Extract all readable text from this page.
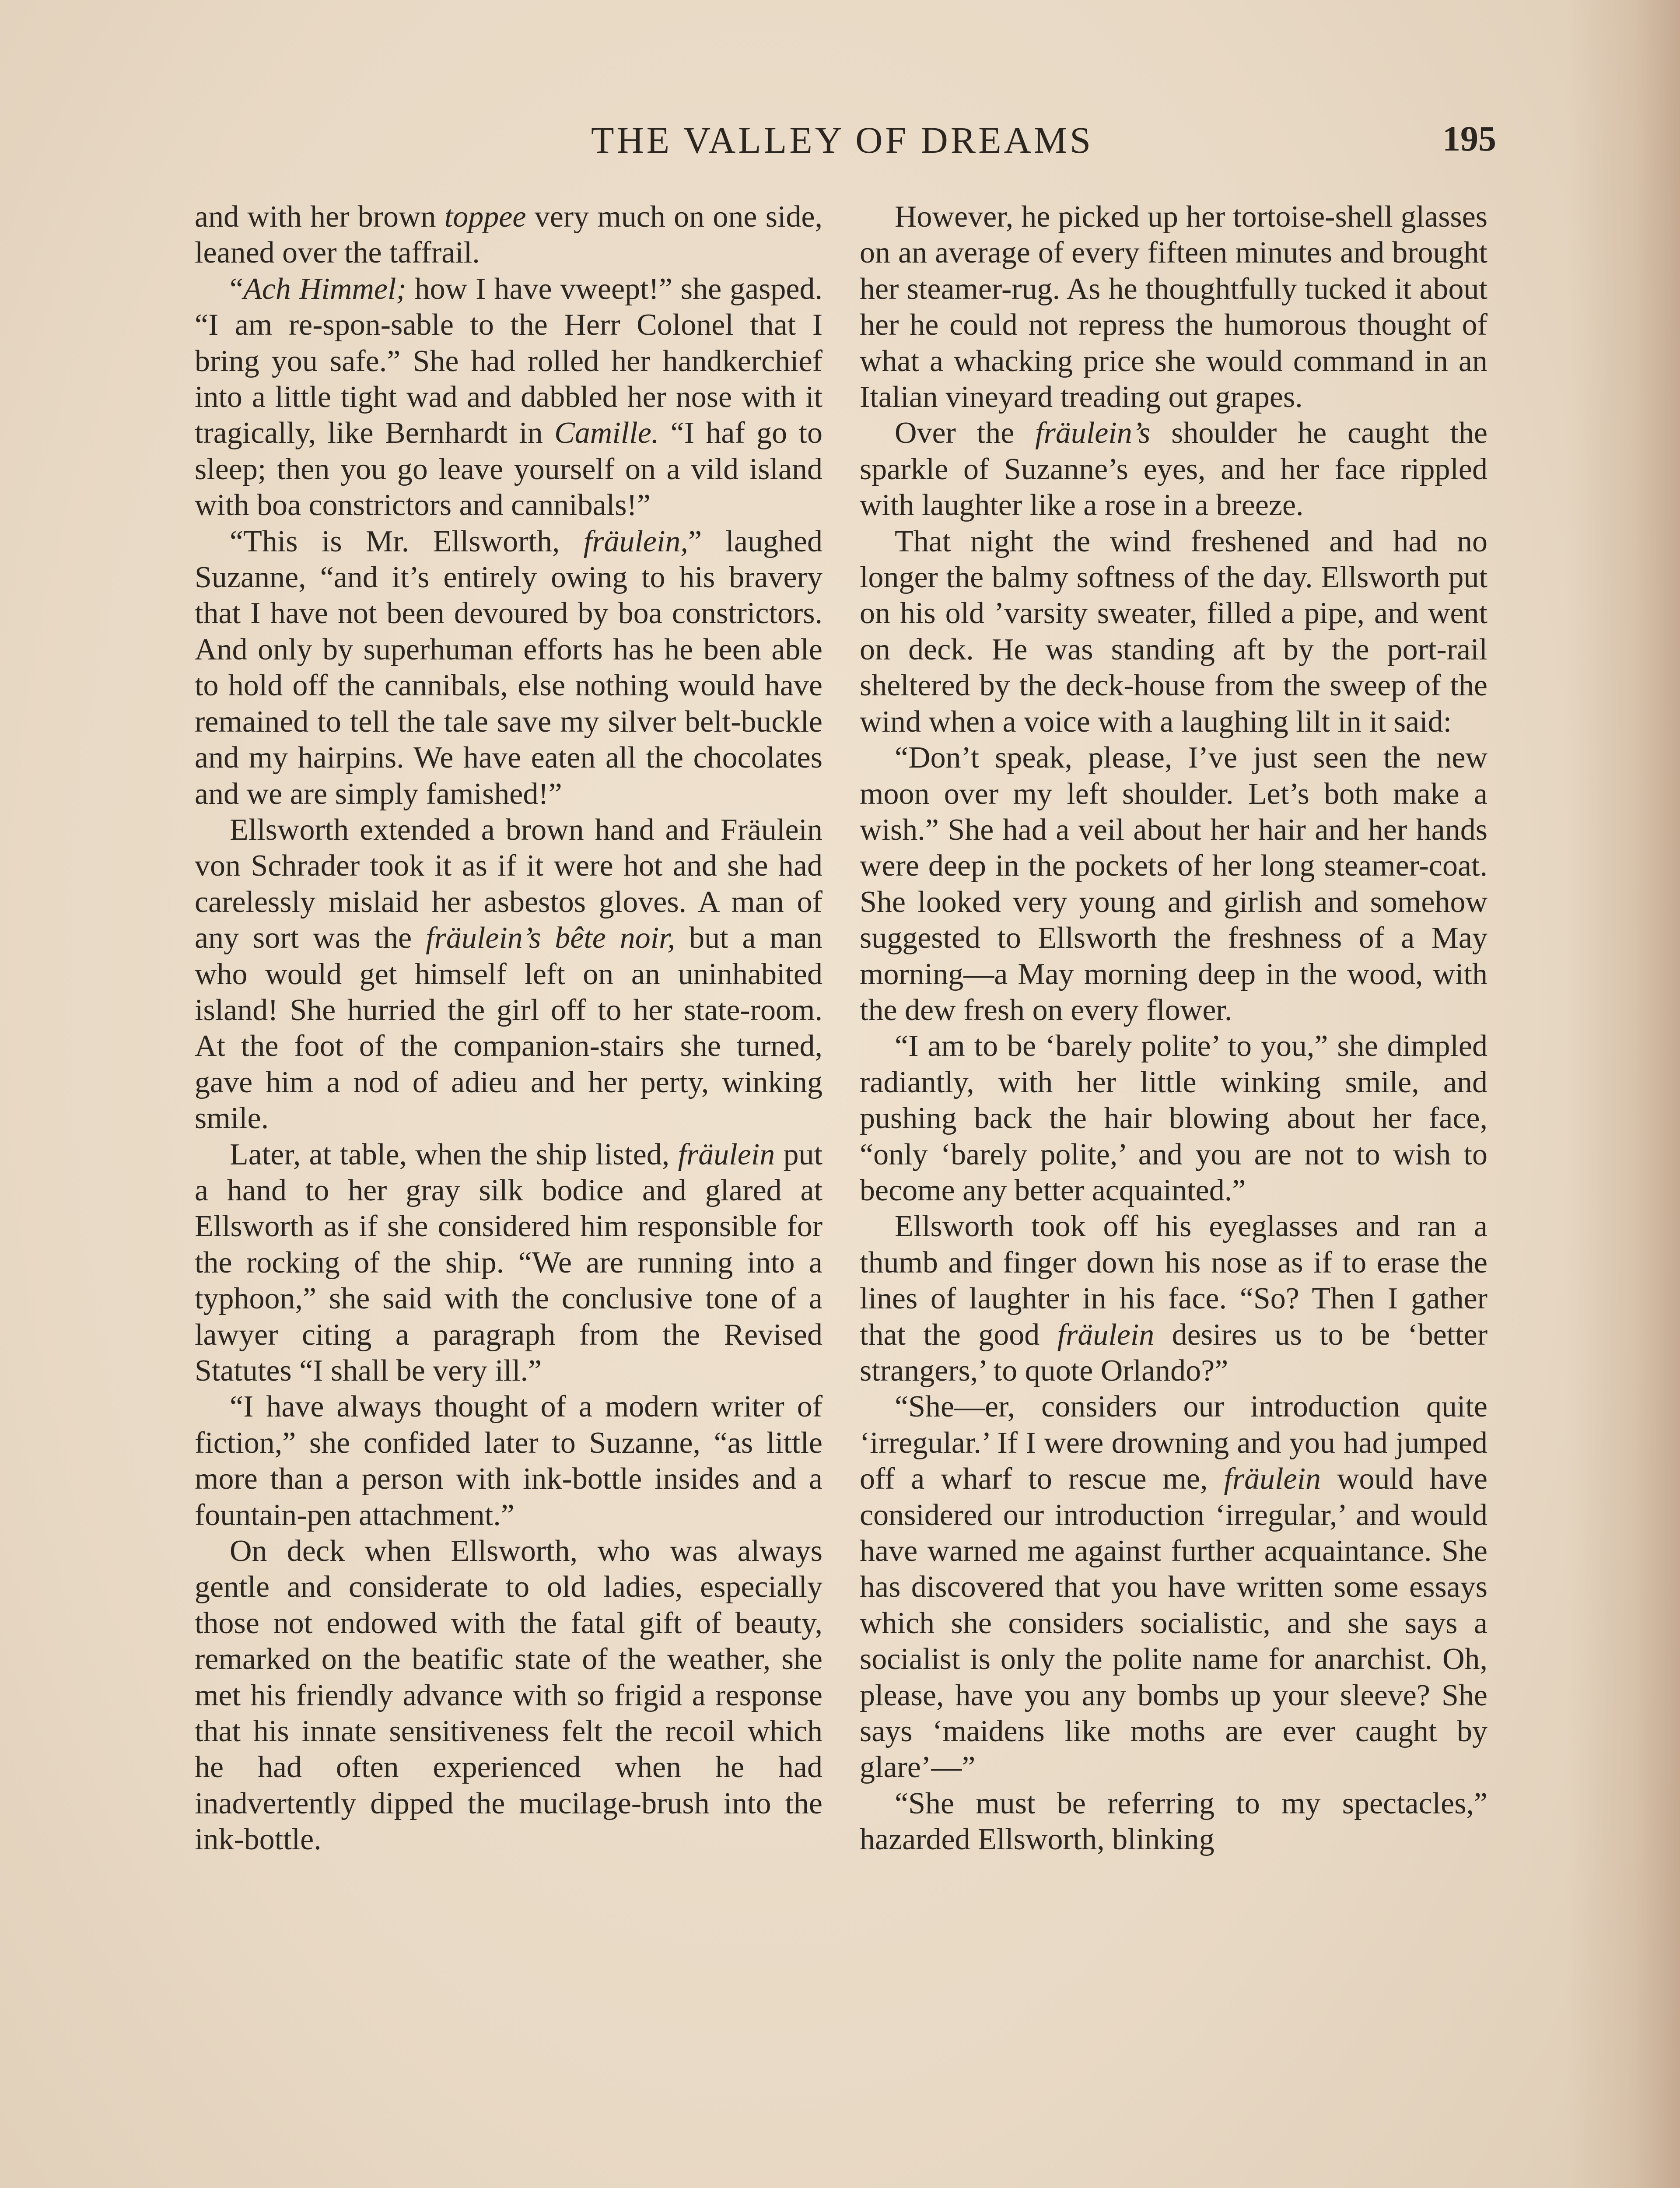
THE VALLEY OF DREAMS	195

and with her brown toppee very much on one side, leaned over the taffrail.

“Ach Himmel; how I have vweept!” she gasped. “I am re-spon-sable to the Herr Colonel that I bring you safe.” She had rolled her handkerchief into a little tight wad and dabbled her nose with it tragically, like Bernhardt in Camille. “I haf go to sleep; then you go leave yourself on a vild island with boa constrictors and cannibals!”

“This is Mr. Ellsworth, fräulein,” laughed Suzanne, “and it’s entirely owing to his bravery that I have not been devoured by boa constrictors. And only by superhuman efforts has he been able to hold off the cannibals, else nothing would have remained to tell the tale save my silver belt-buckle and my hairpins. We have eaten all the chocolates and we are simply famished!”

Ellsworth extended a brown hand and Fräulein von Schrader took it as if it were hot and she had carelessly mislaid her asbestos gloves. A man of any sort was the fräulein’s bête noir, but a man who would get himself left on an uninhabited island! She hurried the girl off to her state-room. At the foot of the companion-stairs she turned, gave him a nod of adieu and her perty, winking smile.

Later, at table, when the ship listed, fräulein put a hand to her gray silk bodice and glared at Ellsworth as if she considered him responsible for the rocking of the ship. “We are running into a typhoon,” she said with the conclusive tone of a lawyer citing a paragraph from the Revised Statutes “I shall be very ill.”

“I have always thought of a modern writer of fiction,” she confided later to Suzanne, “as little more than a person with ink-bottle insides and a fountain-pen attachment.”

On deck when Ellsworth, who was always gentle and considerate to old ladies, especially those not endowed with the fatal gift of beauty, remarked on the beatific state of the weather, she met his friendly advance with so frigid a response that his innate sensitiveness felt the recoil which he had often experienced when he had inadvertently dipped the mucilage-brush into the ink-bottle.

However, he picked up her tortoise-shell glasses on an average of every fifteen minutes and brought her steamer-rug. As he thoughtfully tucked it about her he could not repress the humorous thought of what a whacking price she would command in an Italian vineyard treading out grapes.

Over the fräulein’s shoulder he caught the sparkle of Suzanne’s eyes, and her face rippled with laughter like a rose in a breeze.

That night the wind freshened and had no longer the balmy softness of the day. Ellsworth put on his old ’varsity sweater, filled a pipe, and went on deck. He was standing aft by the port-rail sheltered by the deck-house from the sweep of the wind when a voice with a laughing lilt in it said:

“Don’t speak, please, I’ve just seen the new moon over my left shoulder. Let’s both make a wish.” She had a veil about her hair and her hands were deep in the pockets of her long steamer-coat. She looked very young and girlish and somehow suggested to Ellsworth the freshness of a May morning—a May morning deep in the wood, with the dew fresh on every flower.

“I am to be ‘barely polite’ to you,” she dimpled radiantly, with her little winking smile, and pushing back the hair blowing about her face, “only ‘barely polite,’ and you are not to wish to become any better acquainted.”

Ellsworth took off his eyeglasses and ran a thumb and finger down his nose as if to erase the lines of laughter in his face. “So? Then I gather that the good fräulein desires us to be ‘better strangers,’ to quote Orlando?”

“She—er, considers our introduction quite ‘irregular.’ If I were drowning and you had jumped off a wharf to rescue me, fräulein would have considered our introduction ‘irregular,’ and would have warned me against further acquaintance. She has discovered that you have written some essays which she considers socialistic, and she says a socialist is only the polite name for anarchist. Oh, please, have you any bombs up your sleeve? She says ‘maidens like moths are ever caught by glare’—”

“She must be referring to my spectacles,” hazarded Ellsworth, blinking
